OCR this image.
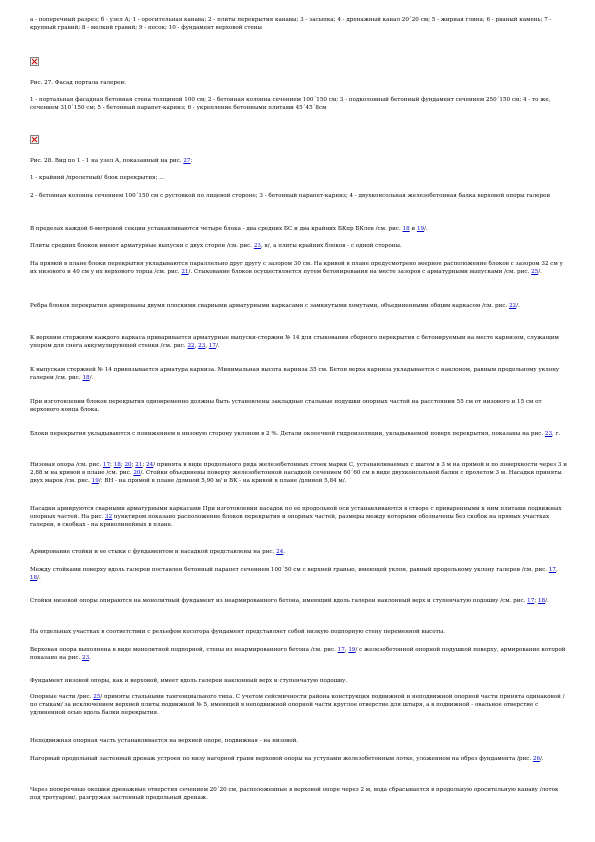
а - поперечный разрез; б - узел А; 1 - оросительная канава; 2 - плиты перекрытия канавы; 3 - засыпка; 4 - дренажный канал 20´20 см; 5 - жирная глина; 6 - рваный камень; 7 - крупный гравий; 8 - мелкий гравий; 9 - песок; 10 - фундамент верховой стены

Рис. 27. Фасад портала галереи:

1 - портальная фасадная бетонная стена толщиной 100 см; 2 - бетонная колонна сечением 100´150 см; 3 - подколонный бетонный фундамент сечением 250´150 см; 4 - то же, сечением 310´150 см; 5 - бетонный парапет-карниз; 6 - укрепление бетонными плитами 45´45´8см

Рис. 28. Вид по 1 - 1 на узел А, показанный на рис. 27:

1 - крайний /пролетный/ блок перекрытия; ...

2 - бетонная колонна сечением 100´150 см с рустовкой по лицевой стороне; 3 - бетонный парапет-карниз; 4 - двухконсольная железобетонная балка верховой опоры галереи

В пределах каждой 6-метровой секции устанавливаются четыре блока - два средних БС и два крайних БКпр БКлев /см. рис. 18 и 19/.

Плиты средних блоков имеют арматурные выпуски с двух сторон /см. рис. 23, в/, а плиты крайних блоков - с одной стороны.

На прямой в плане блоки перекрытия укладываются параллельно друг другу с зазором 30 см. На кривой в плане предусмотрено веерное расположение блоков с зазором 32 см у их низового и 40 см у их верхового торца /см. рис. 21/. Стыкование блоков осуществляется путем бетонирования на месте зазоров с арматурными выпусками /см. рис. 25/.

Ребра блоков перекрытия армированы двумя плоскими сварными арматурными каркасами с замкнутыми хомутами, объединенными общим каркасом /см. рис. 22/.

К верхним стержням каждого каркаса приваривается арматурные выпуски-стержни № 14 для стыкования сборного перекрытия с бетонируемым на месте карнизом, служащим упором для снега аккумулирующей стенки /см. рис. 22, 23, 17/.

К выпускам стержней № 14 привязывается арматура карниза. Минимальная высота карниза 35 см. Бетон верха карниза укладывается с наклоном, равным продольному уклону галереи /см. рис. 18/.

При изготовлении блоков перекрытия одновременно должны быть установлены закладные стальные подушки опорных частей на расстоянии 55 см от низового и 15 см от верхового конца блока.

Блоки перекрытия укладываются с понижением в низовую сторону уклоном в 2 %. Детали оклеечной гидроизоляции, укладываемой поверх перекрытия, показаны на рис. 23, г.

Низовая опора /см. рис. 17; 18; 20; 21; 24/ принята в виде продольного ряда железобетонных стоек марки С, устанавливаемых с шагом в 3 м на прямой и по поверхности через 3 и 2,88 м на кривой в плане /см. рис. 20/. Стойки объединены поверху железобетонной насадкой сечением 60´60 см в виде двухконсольной балки с пролетом 3 м. Насадки приняты двух марок /см. рис. 19/: ВН - на прямой в плане /длиной 5,90 м/ и ВК - на кривой в плане /длиной 5,84 м/.

Насадки армируются сварными арматурными каркасами При изготовлении насадок по ее продольной оси устанавливаются в створе с приваренными к ним плитами подвижных опорных частей. На рис. 32 пунктиром показано расположение блоков перекрытия и опорных частей, размеры между которыми обозначены без скобок на прямых участках галереи, в скобках - на криволинейных в плане.

Армирование стойки и ее стыки с фундаментом и насадкой представлены на рис. 24.

Между стойками поверху вдоль галереи поставлен бетонный парапет сечением 100´50 см с верхней гранью, имеющей уклон, равный продольному уклону галереи /см. рис. 17, 18/.

Стойки низовой опоры опираются на монолитный фундамент из неармированного бетона, имеющий вдоль галереи наклонный верх и ступенчатую подошву /см. рис. 17; 18/.

На отдельных участках в соответствии с рельефом косогора фундамент представляет собой низкую подпорную стену переменной высоты.

Верховая опора выполнена в виде монолитной подпорной, стены из неармированного бетона /см. рис. 17, 19/ с железобетонной опорной подушкой поверху, армирование которой показано на рис. 23.

Фундамент низовой опоры, как и верховой, имеет вдоль галереи наклонный верх и ступенчатую подошву.

Опорные части /рис. 25/ приняты стальными тангенциального типа. С учетом сейсмичности района конструкция подвижной и неподвижной опорной части принята одинаковой /по стыкам/ за исключением верхней плиты подвижной № 5, имеющей в неподвижной опорной части круглое отверстие для штыря, а в подвижной - овальное отверстие с удлиненной осью вдоль балки перекрытия.

Неподвижная опорная часть устанавливается на верхней опоре, подвижная - на низовой.

Нагорный продольный застенный дренаж устроен по низу нагорной грани верховой опоры на уступами железобетонным лотке, уложенном на обрез фундамента /рис. 26/.

Через поперечные окошки дренажные отверстия сечением 20´20 см, расположенные в верховой опоре через 2 м, вода сбрасывается в продольную оросительную канаву /лоток под тротуаром/, разгружая застенный продольный дренаж.
